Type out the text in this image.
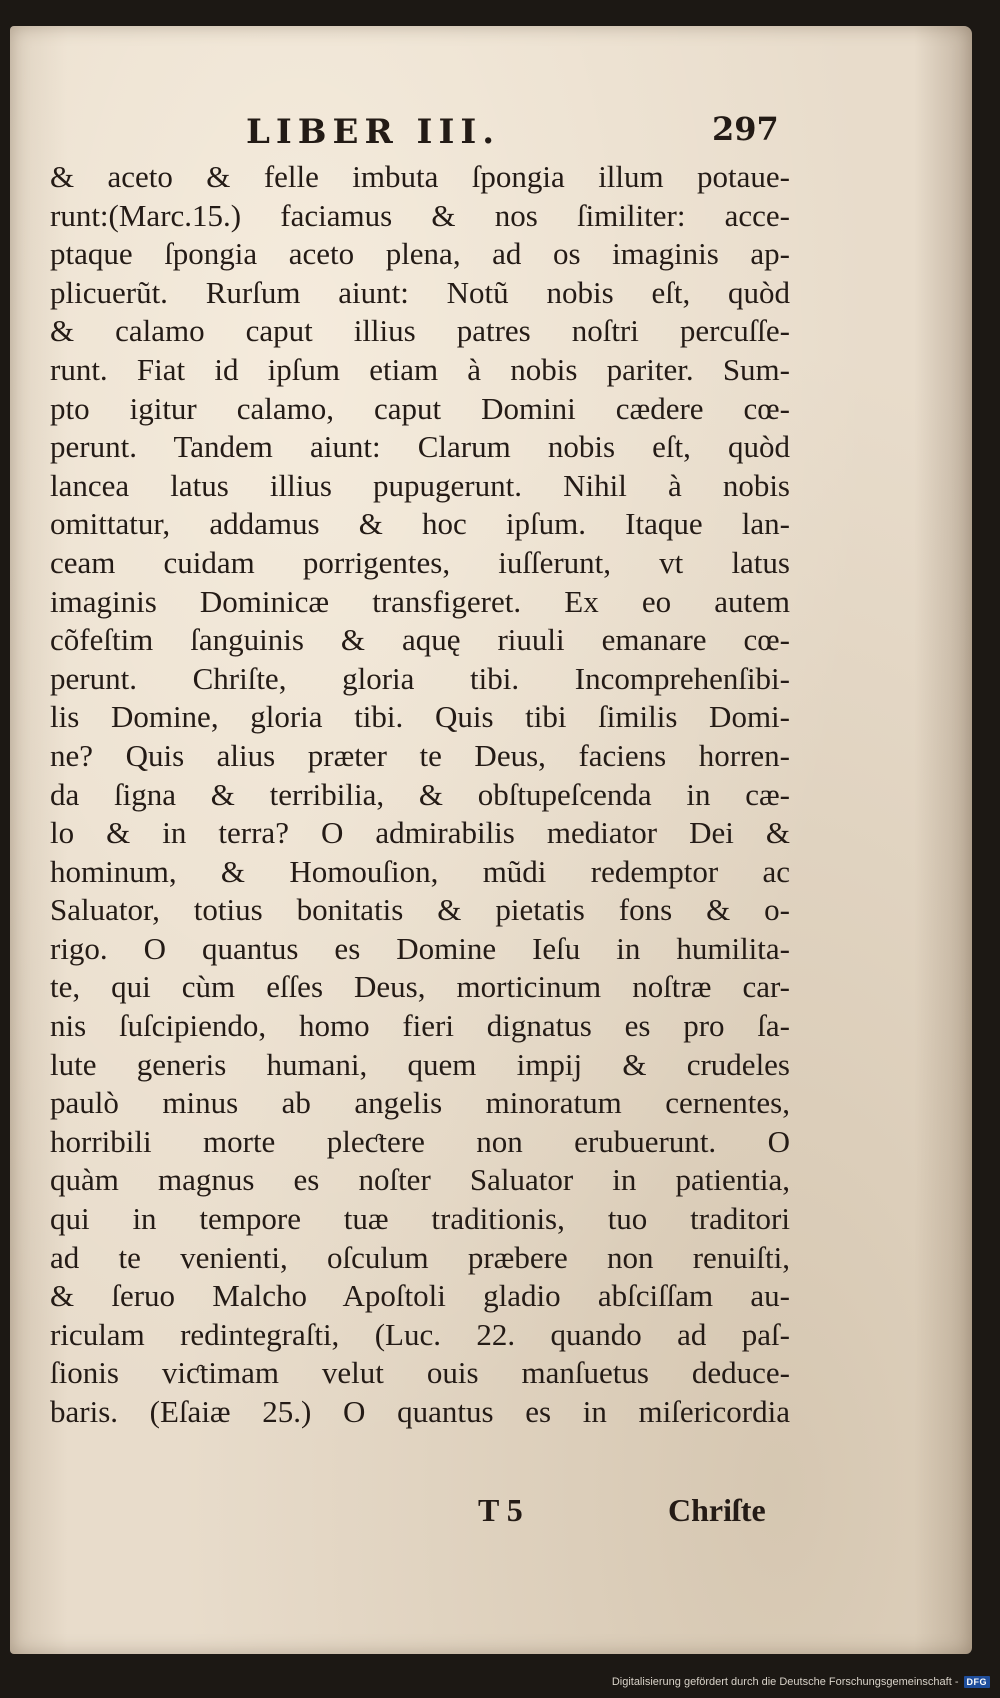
LIBER III.	297
& aceto & felle imbuta ſpongia illum potaue-
runt:(Marc.15.) faciamus & nos ſimiliter: acce-
ptaque ſpongia aceto plena, ad os imaginis ap-
plicuerũt. Rurſum aiunt: Notũ nobis eſt, quòd
& calamo caput illius patres noſtri percuſſe-
runt. Fiat id ipſum etiam à nobis pariter. Sum-
pto igitur calamo, caput Domini cædere cœ-
perunt. Tandem aiunt: Clarum nobis eſt, quòd
lancea latus illius pupugerunt. Nihil à nobis
omittatur, addamus & hoc ipſum. Itaque lan-
ceam cuidam porrigentes, iuſſerunt, vt latus
imaginis Dominicæ transfigeret. Ex eo autem
cõfeſtim ſanguinis & aquę riuuli emanare cœ-
perunt. Chriſte, gloria tibi. Incomprehenſibi-
lis Domine, gloria tibi. Quis tibi ſimilis Domi-
ne? Quis alius præter te Deus, faciens horren-
da ſigna & terribilia, & obſtupeſcenda in cæ-
lo & in terra? O admirabilis mediator Dei &
hominum, & Homouſion, mũdi redemptor ac
Saluator, totius bonitatis & pietatis fons & o-
rigo. O quantus es Domine Ieſu in humilita-
te, qui cùm eſſes Deus, morticinum noſtræ car-
nis ſuſcipiendo, homo fieri dignatus es pro ſa-
lute generis humani, quem impij & crudeles
paulò minus ab angelis minoratum cernentes,
horribili morte pleƈtere non erubuerunt. O
quàm magnus es noſter Saluator in patientia,
qui in tempore tuæ traditionis, tuo traditori
ad te venienti, oſculum præbere non renuiſti,
& ſeruo Malcho Apoſtoli gladio abſciſſam au-
riculam redintegraſti, (Luc. 22. quando ad paſ-
ſionis viƈtimam velut ouis manſuetus deduce-
baris. (Eſaiæ 25.) O quantus es in miſericordia
T 5	Chriſte
Digitalisierung gefördert durch die Deutsche Forschungsgemeinschaft - DFG
